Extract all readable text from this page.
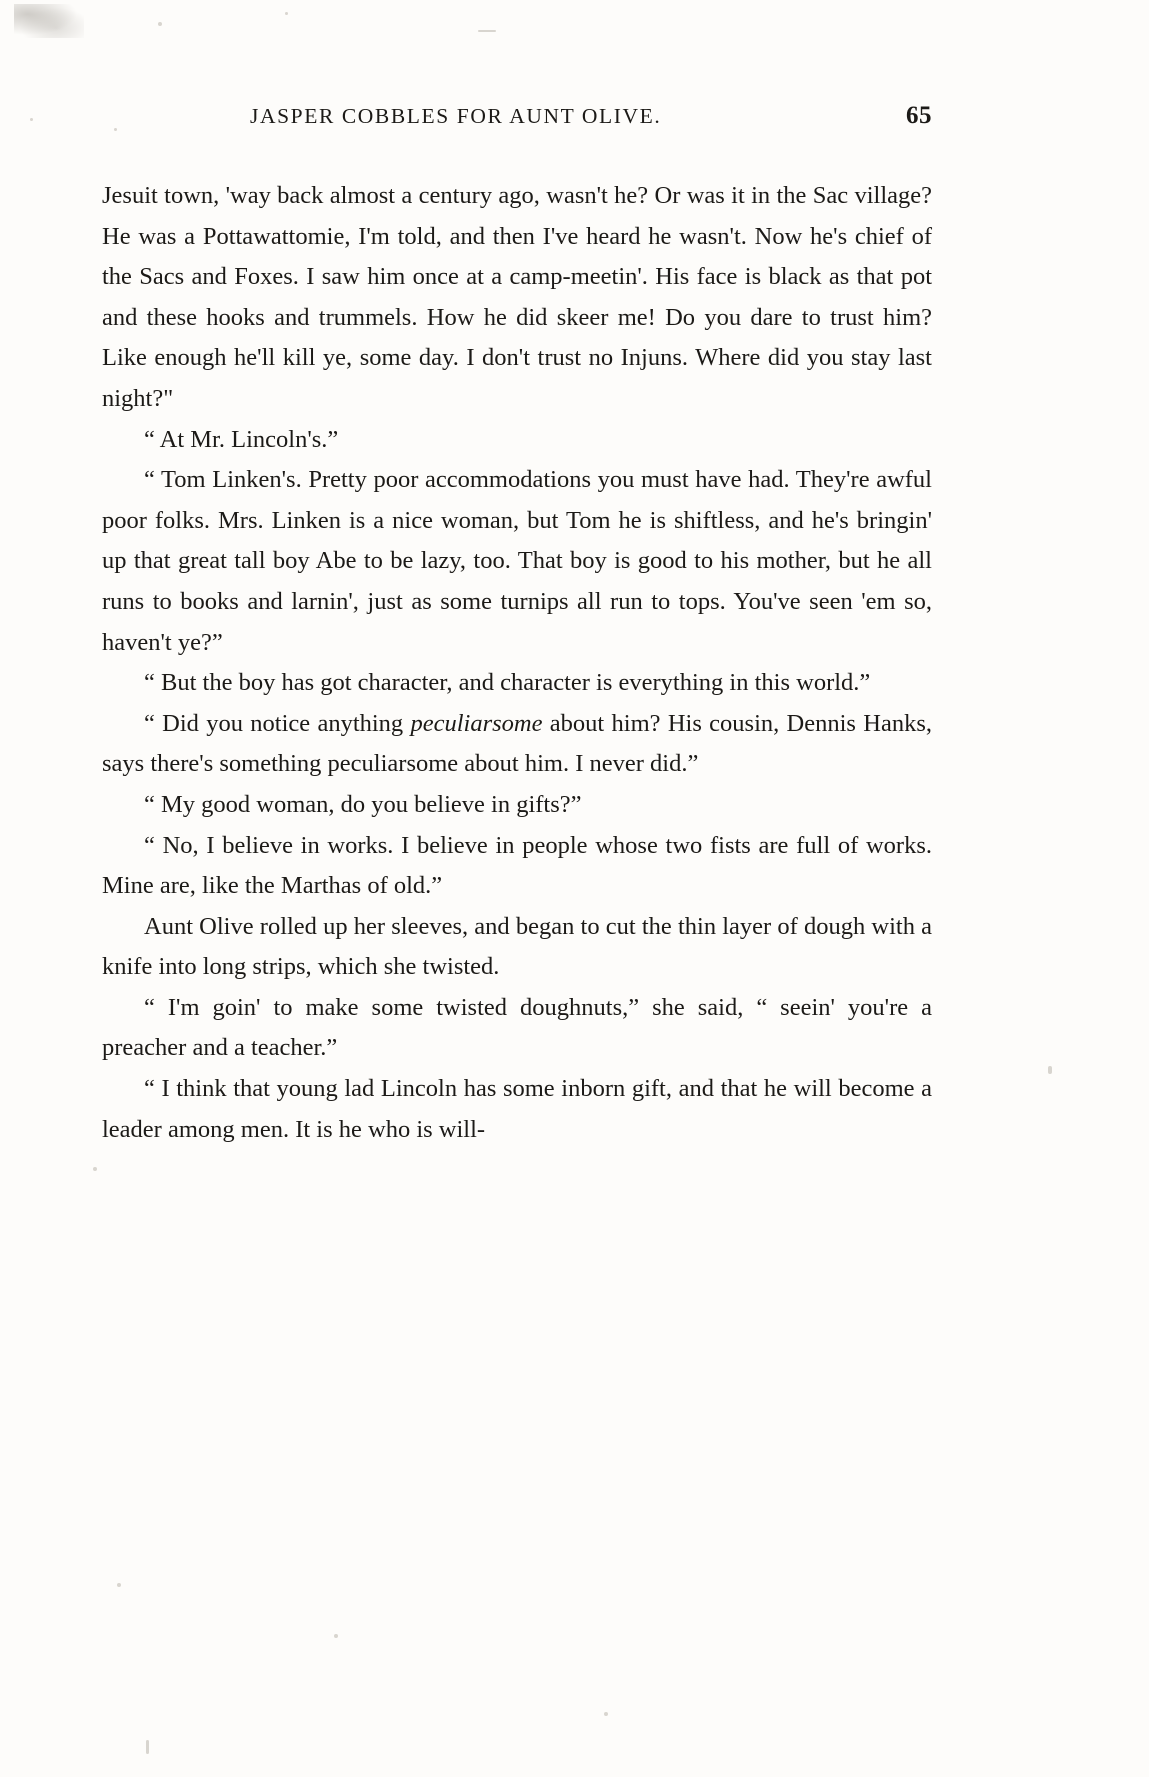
JASPER COBBLES FOR AUNT OLIVE.	65

Jesuit town, 'way back almost a century ago, wasn't he? Or was it in the Sac village? He was a Pottawattomie, I'm told, and then I've heard he wasn't. Now he's chief of the Sacs and Foxes. I saw him once at a camp-meetin'. His face is black as that pot and these hooks and trummels. How he did skeer me! Do you dare to trust him? Like enough he'll kill ye, some day. I don't trust no Injuns. Where did you stay last night?"

“ At Mr. Lincoln's.”

“ Tom Linken's. Pretty poor accommodations you must have had. They're awful poor folks. Mrs. Linken is a nice woman, but Tom he is shiftless, and he's bringin' up that great tall boy Abe to be lazy, too. That boy is good to his mother, but he all runs to books and larnin', just as some turnips all run to tops. You've seen 'em so, haven't ye?”

“ But the boy has got character, and character is everything in this world.”

“ Did you notice anything peculiarsome about him? His cousin, Dennis Hanks, says there's something peculiarsome about him. I never did.”

“ My good woman, do you believe in gifts?”

“ No, I believe in works. I believe in people whose two fists are full of works. Mine are, like the Marthas of old.”

Aunt Olive rolled up her sleeves, and began to cut the thin layer of dough with a knife into long strips, which she twisted.

“ I'm goin' to make some twisted doughnuts,” she said, “ seein' you're a preacher and a teacher.”

“ I think that young lad Lincoln has some inborn gift, and that he will become a leader among men. It is he who is will-
